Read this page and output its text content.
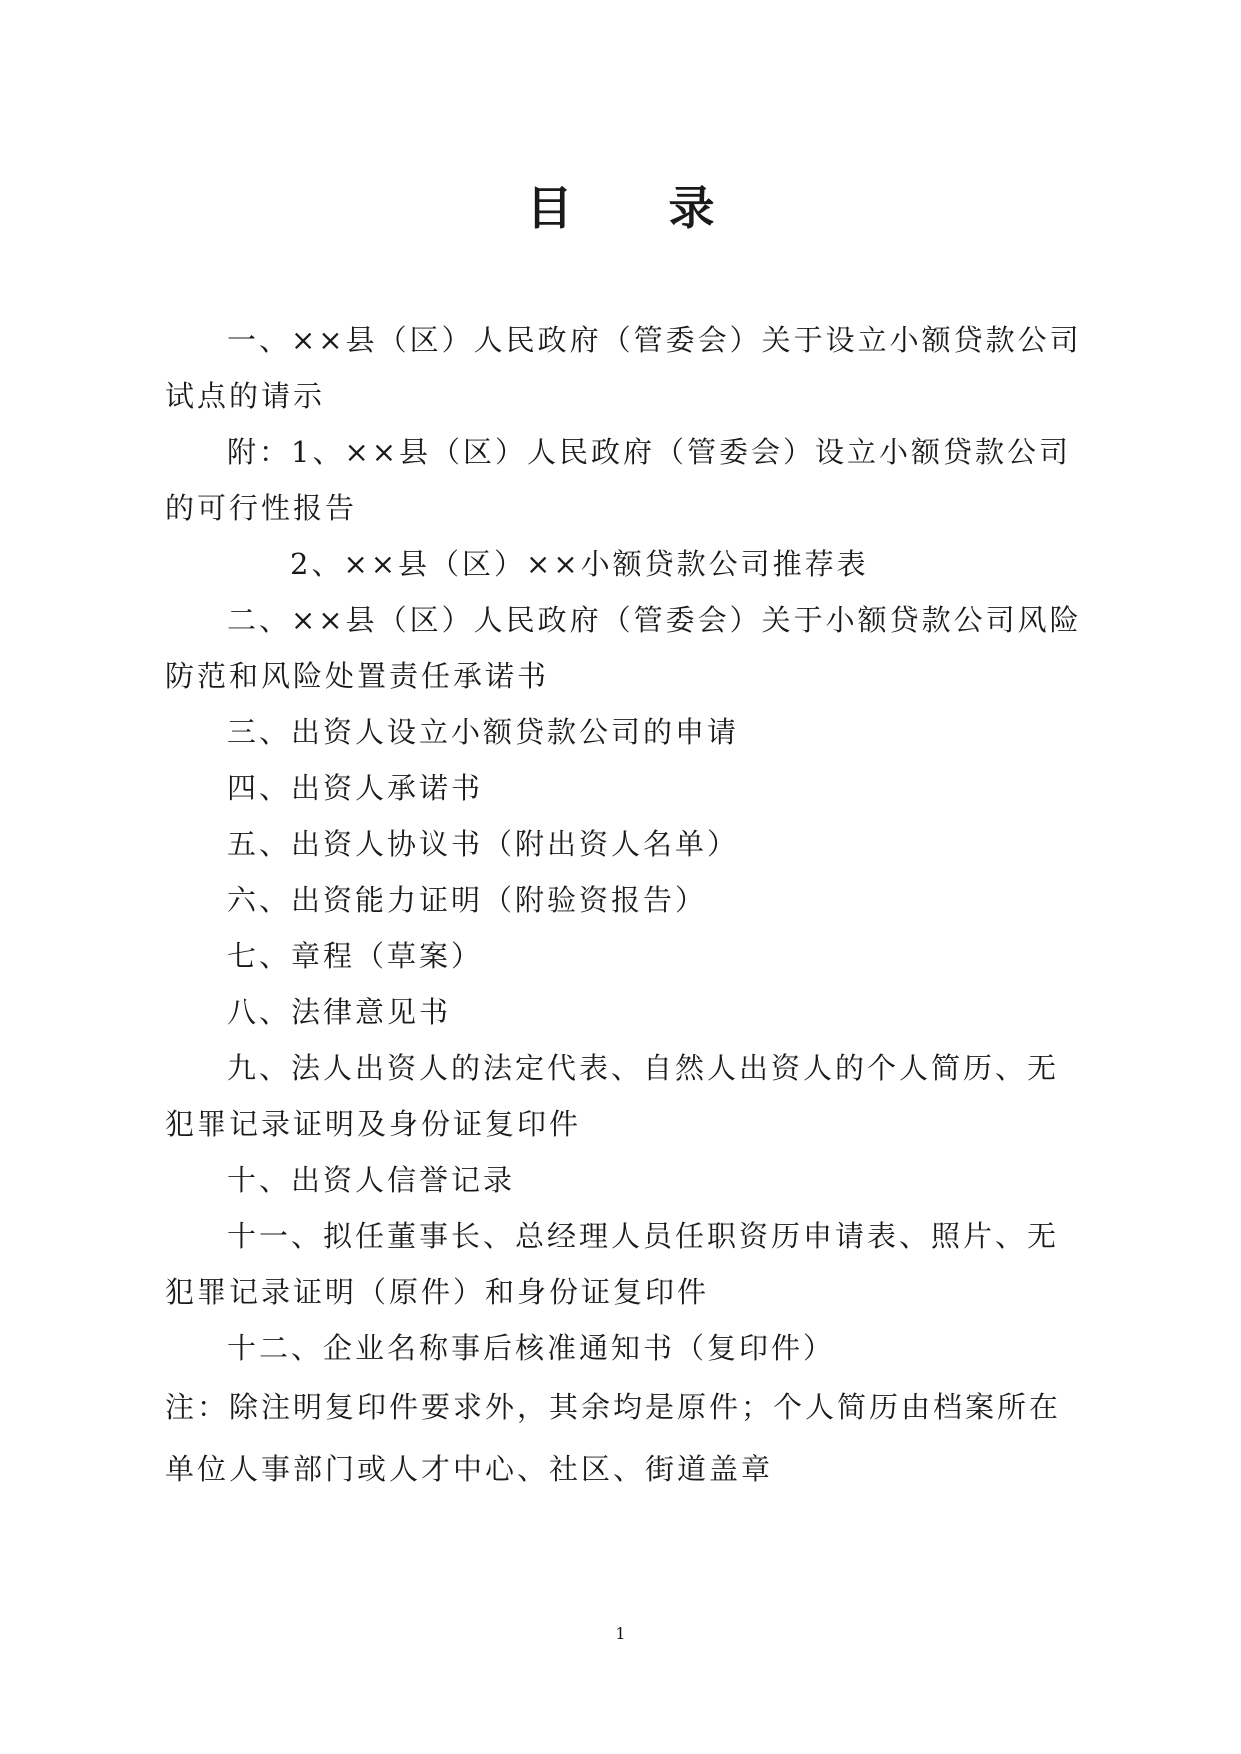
目 录

一、××县（区）人民政府（管委会）关于设立小额贷款公司试点的请示

附：1、××县（区）人民政府（管委会）设立小额贷款公司的可行性报告

2、××县（区）××小额贷款公司推荐表

二、××县（区）人民政府（管委会）关于小额贷款公司风险防范和风险处置责任承诺书

三、出资人设立小额贷款公司的申请

四、出资人承诺书

五、出资人协议书（附出资人名单）

六、出资能力证明（附验资报告）

七、章程（草案）

八、法律意见书

九、法人出资人的法定代表、自然人出资人的个人简历、无犯罪记录证明及身份证复印件

十、出资人信誉记录

十一、拟任董事长、总经理人员任职资历申请表、照片、无犯罪记录证明（原件）和身份证复印件

十二、企业名称事后核准通知书（复印件）

注：除注明复印件要求外，其余均是原件；个人简历由档案所在单位人事部门或人才中心、社区、街道盖章

1
